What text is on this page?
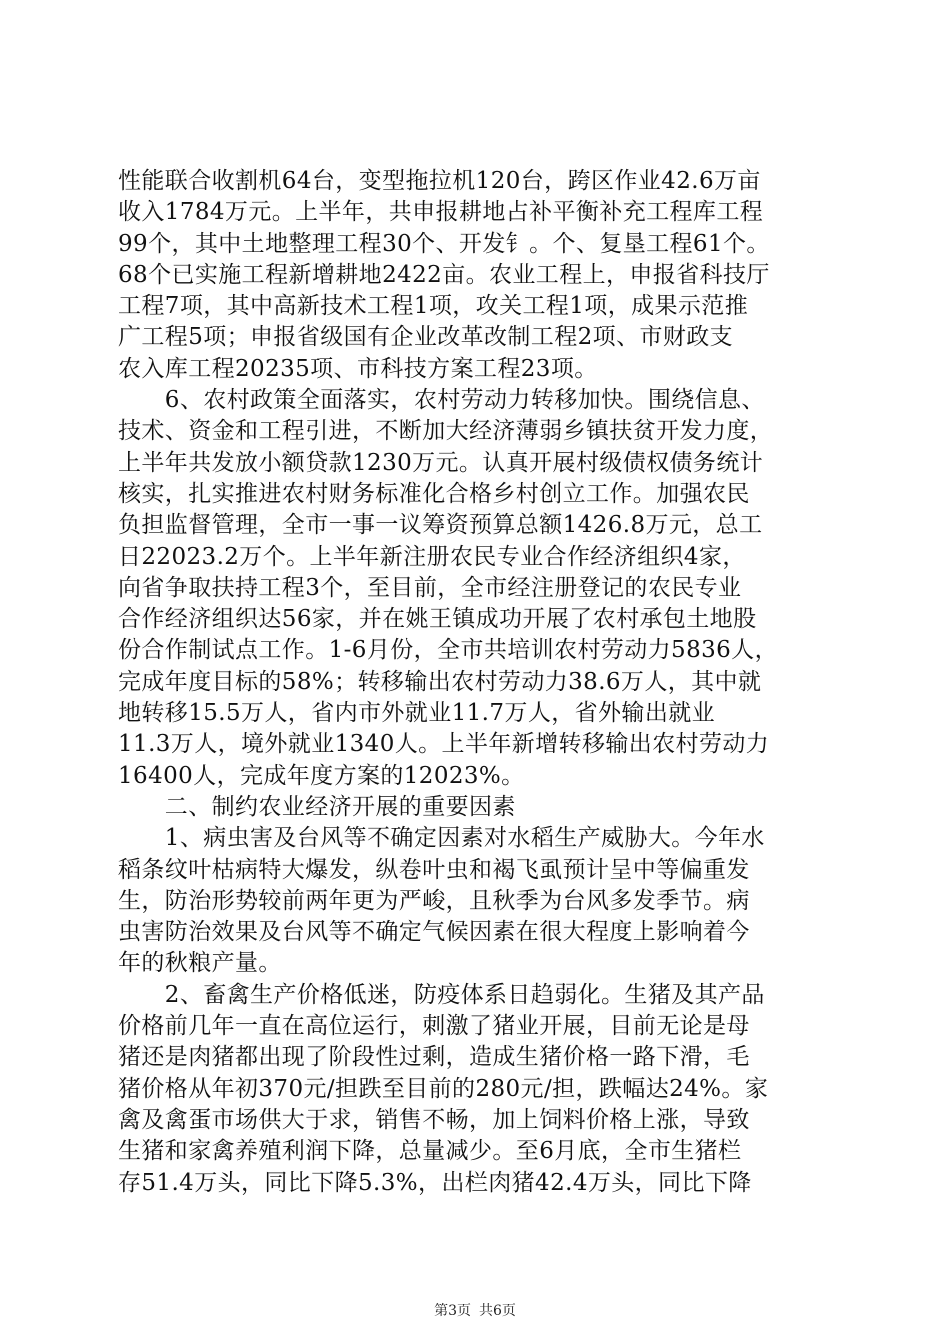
性能联合收割机64台，变型拖拉机120台，跨区作业42.6万亩
收入1784万元。上半年，共申报耕地占补平衡补充工程库工程
99个，其中土地整理工程30个、开发钅。个、复垦工程61个。
68个已实施工程新增耕地2422亩。农业工程上，申报省科技厅
工程7项，其中高新技术工程1项，攻关工程1项，成果示范推
广工程5项；申报省级国有企业改革改制工程2项、市财政支
农入库工程20235项、市科技方案工程23项。
　　6、农村政策全面落实，农村劳动力转移加快。围绕信息、
技术、资金和工程引进，不断加大经济薄弱乡镇扶贫开发力度，
上半年共发放小额贷款1230万元。认真开展村级债权债务统计
核实，扎实推进农村财务标准化合格乡村创立工作。加强农民
负担监督管理，全市一事一议筹资预算总额1426.8万元，总工
日22023.2万个。上半年新注册农民专业合作经济组织4家，
向省争取扶持工程3个，至目前，全市经注册登记的农民专业
合作经济组织达56家，并在姚王镇成功开展了农村承包土地股
份合作制试点工作。1-6月份，全市共培训农村劳动力5836人，
完成年度目标的58%；转移输出农村劳动力38.6万人，其中就
地转移15.5万人，省内市外就业11.7万人，省外输出就业
11.3万人，境外就业1340人。上半年新增转移输出农村劳动力
16400人，完成年度方案的12023%。
　　二、制约农业经济开展的重要因素
　　1、病虫害及台风等不确定因素对水稻生产威胁大。今年水
稻条纹叶枯病特大爆发，纵卷叶虫和褐飞虱预计呈中等偏重发
生，防治形势较前两年更为严峻，且秋季为台风多发季节。病
虫害防治效果及台风等不确定气候因素在很大程度上影响着今
年的秋粮产量。
　　2、畜禽生产价格低迷，防疫体系日趋弱化。生猪及其产品
价格前几年一直在高位运行，刺激了猪业开展，目前无论是母
猪还是肉猪都出现了阶段性过剩，造成生猪价格一路下滑，毛
猪价格从年初370元/担跌至目前的280元/担，跌幅达24%。家
禽及禽蛋市场供大于求，销售不畅，加上饲料价格上涨，导致
生猪和家禽养殖利润下降，总量减少。至6月底，全市生猪栏
存51.4万头，同比下降5.3%，出栏肉猪42.4万头，同比下降
第3页 共6页
